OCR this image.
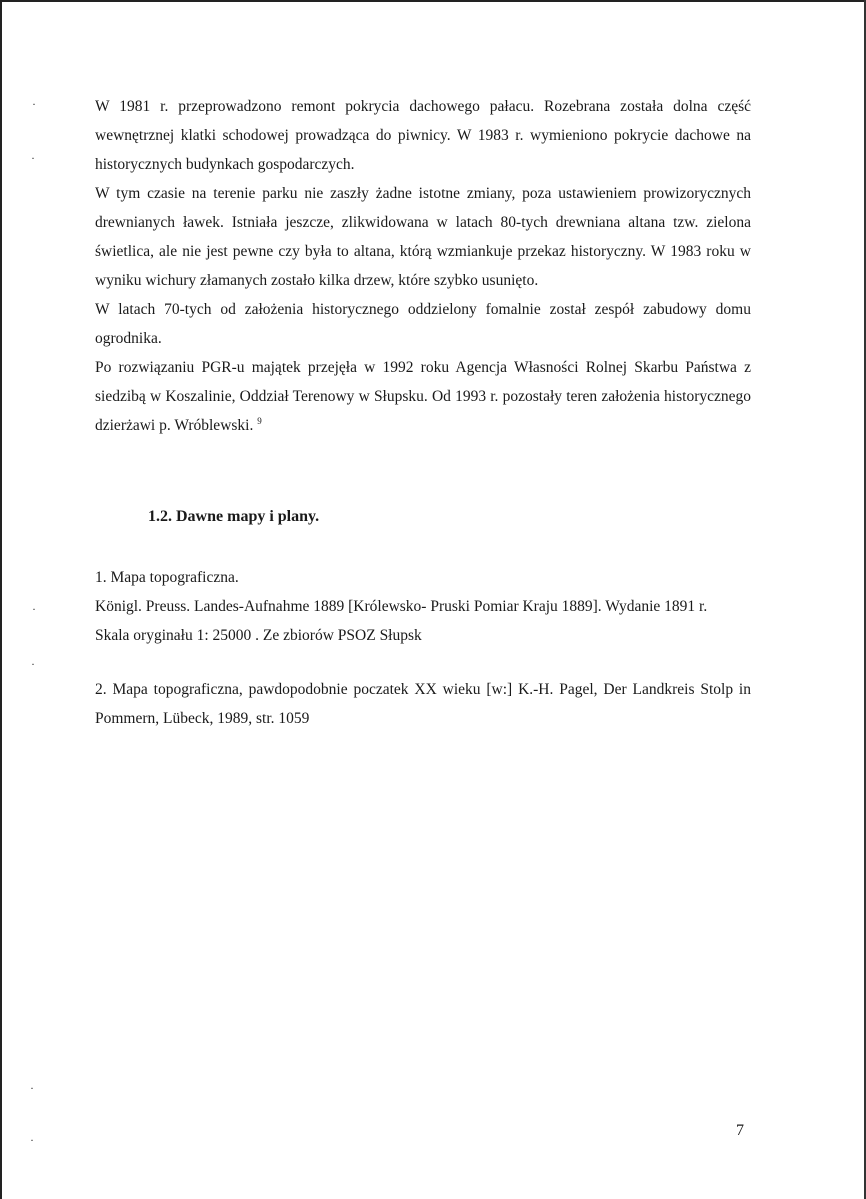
·
·
·
·
·
·

W 1981 r. przeprowadzono remont pokrycia dachowego pałacu. Rozebrana została dolna część wewnętrznej klatki schodowej prowadząca do piwnicy. W 1983 r. wymieniono pokrycie dachowe na historycznych budynkach gospodarczych.

W tym czasie na terenie parku nie zaszły żadne istotne zmiany, poza ustawieniem prowizorycznych drewnianych ławek. Istniała jeszcze, zlikwidowana w latach 80-tych drewniana altana tzw. zielona świetlica, ale nie jest pewne czy była to altana, którą wzmiankuje przekaz historyczny. W 1983 roku w wyniku wichury złamanych zostało kilka drzew, które szybko usunięto.

W latach 70-tych od założenia historycznego oddzielony fomalnie został zespół zabudowy domu ogrodnika.

Po rozwiązaniu PGR-u majątek przejęła w 1992 roku Agencja Własności Rolnej Skarbu Państwa z siedzibą w Koszalinie, Oddział Terenowy w Słupsku. Od 1993 r. pozostały teren założenia historycznego dzierżawi p. Wróblewski. $^9$

1.2. Dawne mapy i plany.

1. Mapa topograficzna.

Königl. Preuss. Landes-Aufnahme 1889 [Królewsko- Pruski Pomiar Kraju 1889]. Wydanie 1891 r.

Skala oryginału 1: 25000 . Ze zbiorów PSOZ Słupsk

2. Mapa topograficzna, pawdopodobnie poczatek XX wieku [w:] K.-H. Pagel, Der Landkreis Stolp in Pommern, Lübeck, 1989, str. 1059

7
